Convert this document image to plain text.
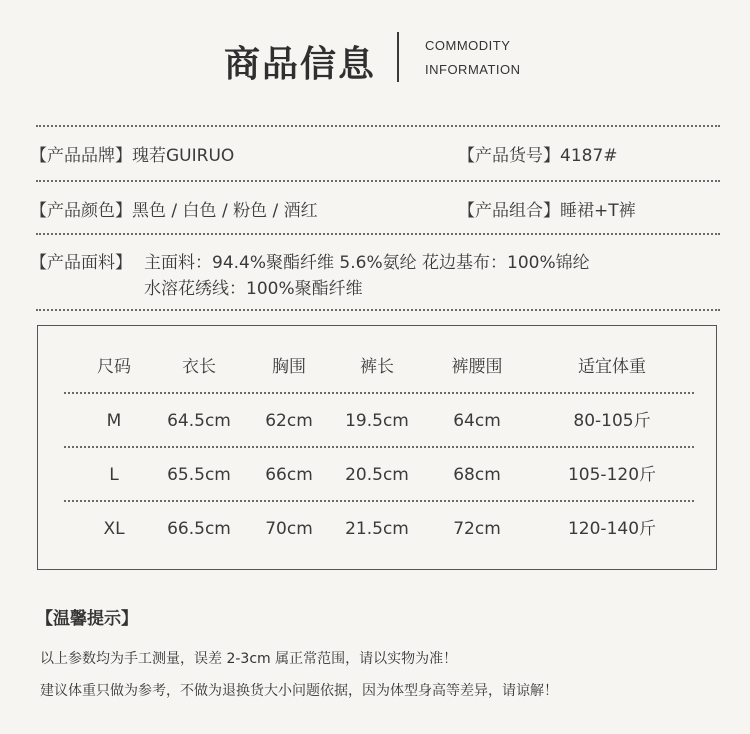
商品信息	COMMODITY
INFORMATION
【产品品牌】瑰若GUIRUO	【产品货号】4187#
【产品颜色】黑色 / 白色 / 粉色 / 酒红	【产品组合】睡裙+T裤
【产品面料】 主面料：94.4%聚酯纤维 5.6%氨纶 花边基布：100%锦纶
水溶花绣线：100%聚酯纤维
尺码	衣长	胸围	裤长	裤腰围	适宜体重
M	64.5cm	62cm	19.5cm	64cm	80-105斤
L	65.5cm	66cm	20.5cm	68cm	105-120斤
XL	66.5cm	70cm	21.5cm	72cm	120-140斤
【温馨提示】
以上参数均为手工测量，误差 2-3cm 属正常范围，请以实物为准！
建议体重只做为参考，不做为退换货大小问题依据，因为体型身高等差异，请谅解！
